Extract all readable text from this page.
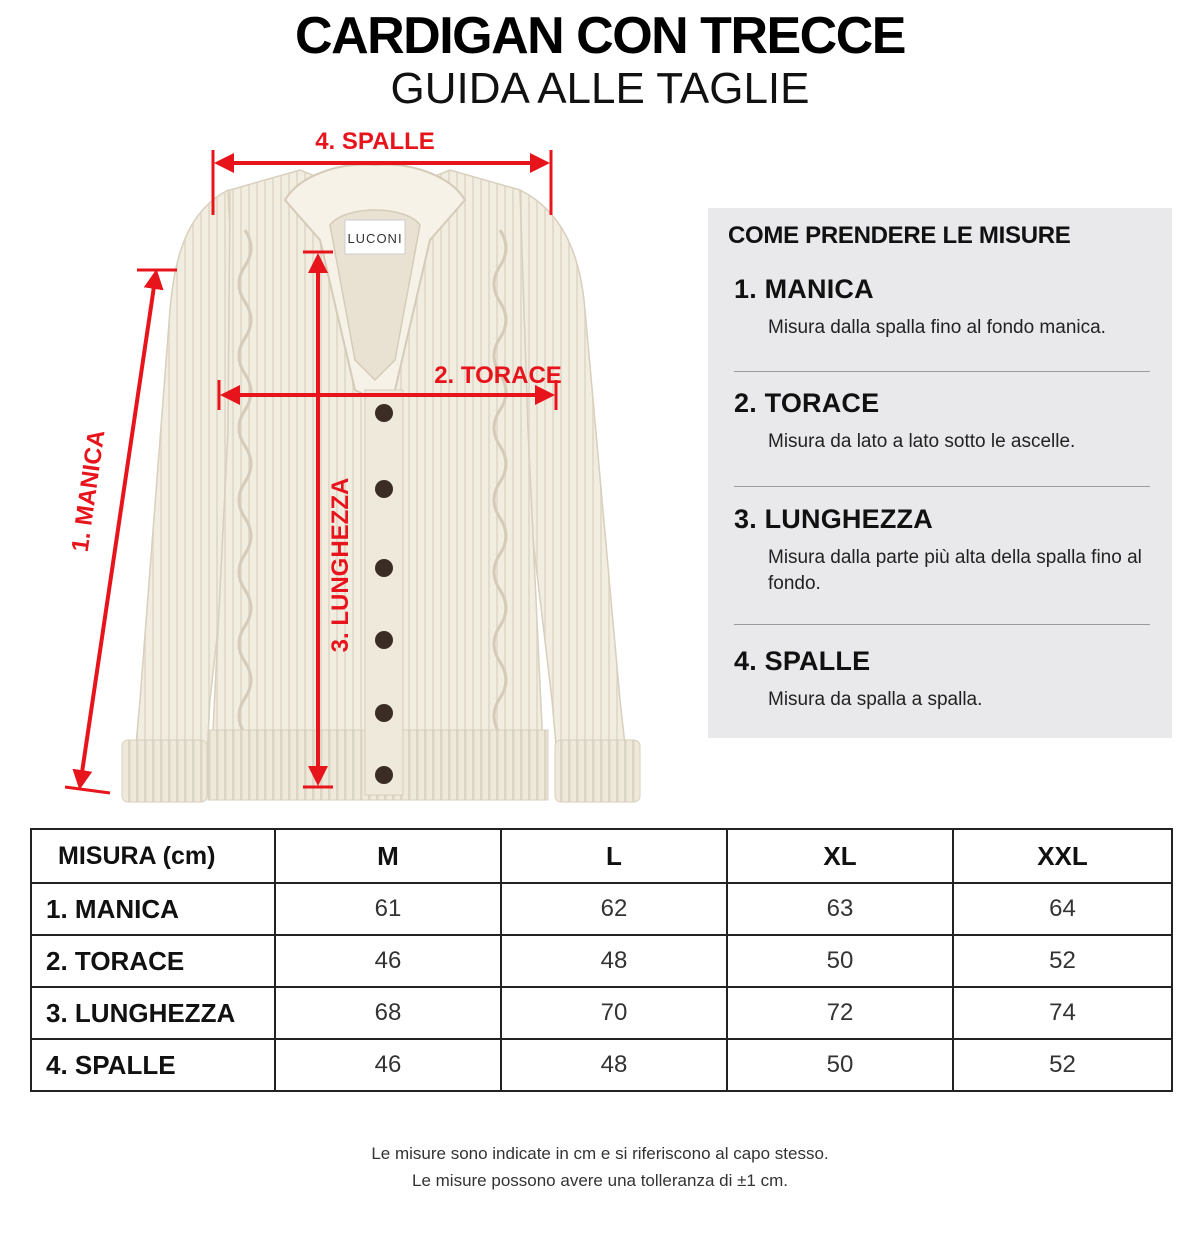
CARDIGAN CON TRECCE
GUIDA ALLE TAGLIE
LUCONI
4. SPALLE
2. TORACE
3. LUNGHEZZA
1. MANICA
COME PRENDERE LE MISURE
1. MANICA
Misura dalla spalla fino al fondo manica.
2. TORACE
Misura da lato a lato sotto le ascelle.
3. LUNGHEZZA
Misura dalla parte più alta della spalla fino al fondo.
4. SPALLE
Misura da spalla a spalla.
MISURA (cm)	M	L	XL	XXL
1. MANICA	61	62	63	64
2. TORACE	46	48	50	52
3. LUNGHEZZA	68	70	72	74
4. SPALLE	46	48	50	52
Le misure sono indicate in cm e si riferiscono al capo stesso.
Le misure possono avere una tolleranza di ±1 cm.
